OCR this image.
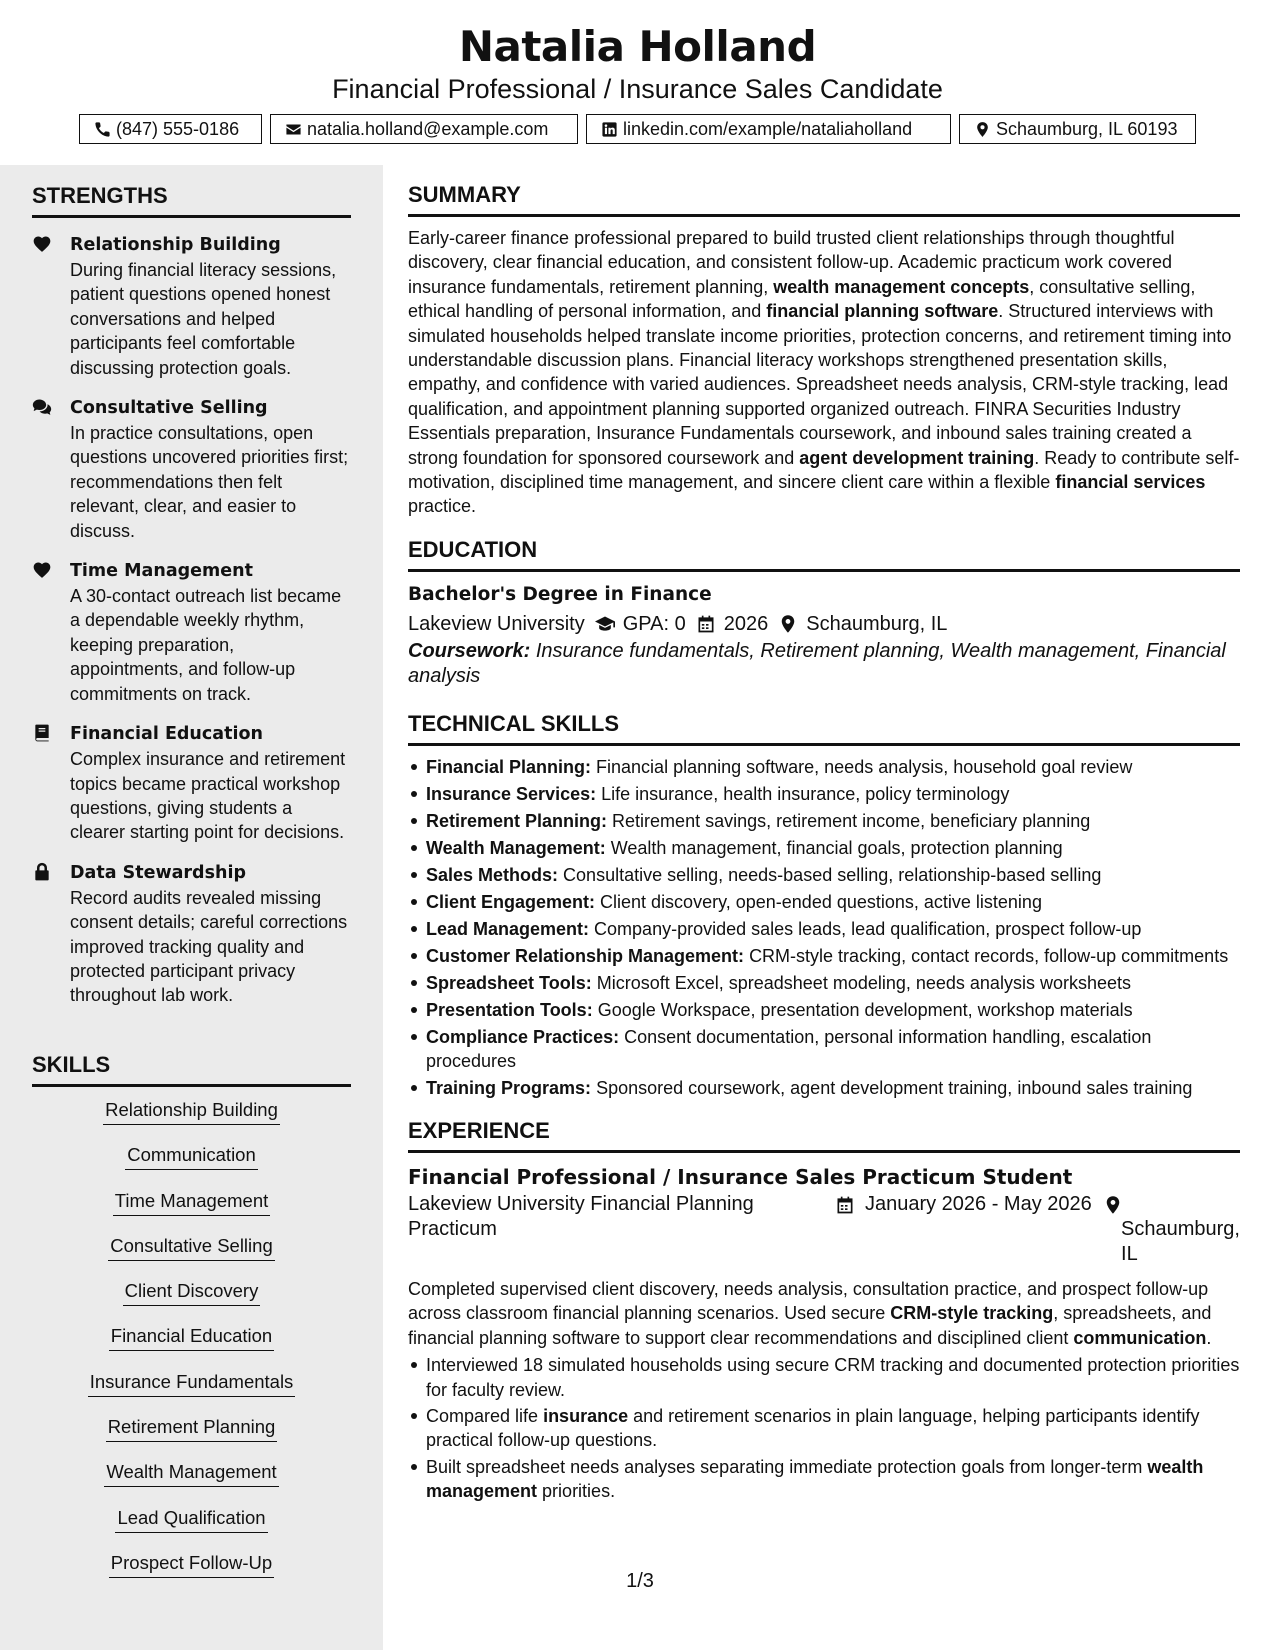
Natalia Holland
Financial Professional / Insurance Sales Candidate
(847) 555-0186	natalia.holland@example.com	linkedin.com/example/nataliaholland	Schaumburg, IL 60193
STRENGTHS
Relationship Building
During financial literacy sessions, patient questions opened honest conversations and helped participants feel comfortable discussing protection goals.
Consultative Selling
In practice consultations, open questions uncovered priorities first; recommendations then felt relevant, clear, and easier to discuss.
Time Management
A 30-contact outreach list became a dependable weekly rhythm, keeping preparation, appointments, and follow-up commitments on track.
Financial Education
Complex insurance and retirement topics became practical workshop questions, giving students a clearer starting point for decisions.
Data Stewardship
Record audits revealed missing consent details; careful corrections improved tracking quality and protected participant privacy throughout lab work.
SKILLS
Relationship Building
Communication
Time Management
Consultative Selling
Client Discovery
Financial Education
Insurance Fundamentals
Retirement Planning
Wealth Management
Lead Qualification
Prospect Follow-Up
SUMMARY
Early-career finance professional prepared to build trusted client relationships through thoughtful discovery, clear financial education, and consistent follow-up. Academic practicum work covered insurance fundamentals, retirement planning, wealth management concepts, consultative selling, ethical handling of personal information, and financial planning software. Structured interviews with simulated households helped translate income priorities, protection concerns, and retirement timing into understandable discussion plans. Financial literacy workshops strengthened presentation skills, empathy, and confidence with varied audiences. Spreadsheet needs analysis, CRM-style tracking, lead qualification, and appointment planning supported organized outreach. FINRA Securities Industry Essentials preparation, Insurance Fundamentals coursework, and inbound sales training created a strong foundation for sponsored coursework and agent development training. Ready to contribute self-motivation, disciplined time management, and sincere client care within a flexible financial services practice.
EDUCATION
Bachelor's Degree in Finance
Lakeview University GPA: 0 2026 Schaumburg, IL
Coursework: Insurance fundamentals, Retirement planning, Wealth management, Financial analysis
TECHNICAL SKILLS
Financial Planning: Financial planning software, needs analysis, household goal review
Insurance Services: Life insurance, health insurance, policy terminology
Retirement Planning: Retirement savings, retirement income, beneficiary planning
Wealth Management: Wealth management, financial goals, protection planning
Sales Methods: Consultative selling, needs-based selling, relationship-based selling
Client Engagement: Client discovery, open-ended questions, active listening
Lead Management: Company-provided sales leads, lead qualification, prospect follow-up
Customer Relationship Management: CRM-style tracking, contact records, follow-up commitments
Spreadsheet Tools: Microsoft Excel, spreadsheet modeling, needs analysis worksheets
Presentation Tools: Google Workspace, presentation development, workshop materials
Compliance Practices: Consent documentation, personal information handling, escalation procedures
Training Programs: Sponsored coursework, agent development training, inbound sales training
EXPERIENCE
Financial Professional / Insurance Sales Practicum Student
Lakeview University Financial Planning Practicum
January 2026 - May 2026
Schaumburg, IL
Completed supervised client discovery, needs analysis, consultation practice, and prospect follow-up across classroom financial planning scenarios. Used secure CRM-style tracking, spreadsheets, and financial planning software to support clear recommendations and disciplined client communication.
Interviewed 18 simulated households using secure CRM tracking and documented protection priorities for faculty review.
Compared life insurance and retirement scenarios in plain language, helping participants identify practical follow-up questions.
Built spreadsheet needs analyses separating immediate protection goals from longer-term wealth management priorities.
1/3
